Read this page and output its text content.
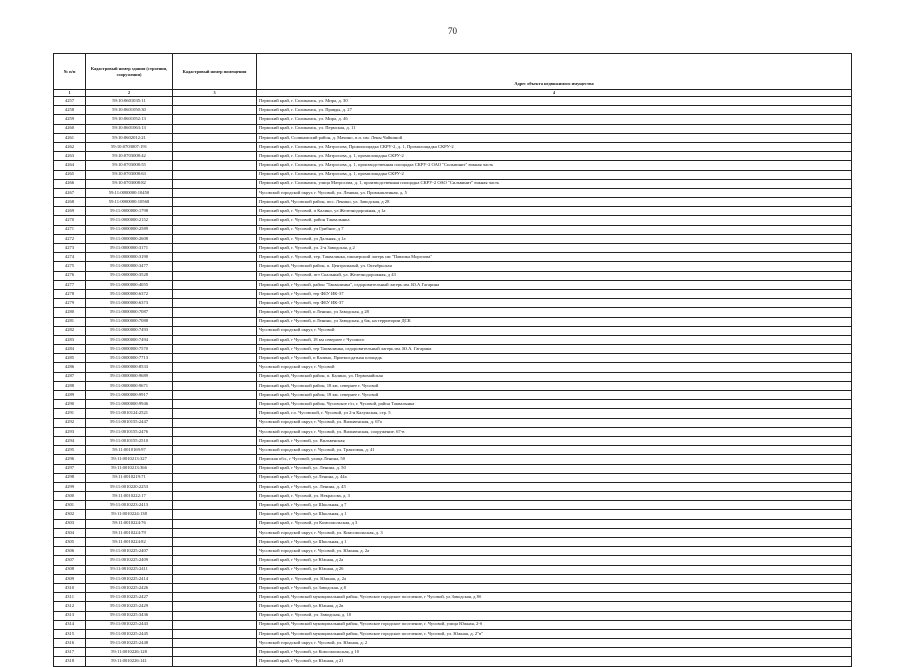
70
№ п/п	Кадастровый номер здания (строения, сооружения)	Кадастровый номер помещения	Адрес объекта недвижимого имущества
1	2	3	4
4257	59:10:0601035:11		Пермский край, г. Соликамск, ул. Мира, д. 30
4258	59:10:0601050:30		Пермский край, г. Соликамск, ул. Правды, д. 27
4259	59:10:0601052:13		Пермский край, г. Соликамск, ул. Мира, д. 46
4260	59:10:0601063:13		Пермский край, г. Соликамск, ул. Пермская, д. 11
4261	59:10:0602012:21		Пермский край, Соликамский район, д. Мачино, п.п. им. Лены Чайкиной
4262	59:10:0703007:191		Пермский край, г. Соликамск, ул. Матросова, Промплощадка СКРУ-2, д. 1, Промплощадка СКРУ-2
4263	59:10:0703008:42		Пермский край, г. Соликамск, ул. Матросова, д. 1, промплощадка СКРУ-2
4264	59:10:0703008:55		Пермский край, г. Соликамск, ул. Матросова, д. 1, производственная площадка СКРУ-2 ОАО "Сильвинит" южная часть
4265	59:10:0703008:63		Пермский край, г. Соликамск, ул. Матросова, д. 1, промплощадка СКРУ-2
4266	59:10:0703008:82		Пермский край, г. Соликамск, улица Матросова, д. 1, производственная площадка СКРУ-2 ОАО "Сильвинит" южная часть
4267	59:11:0000000:10450		Чусовской городской округ, г. Чусовой, ул. Ленина, ул. Промышленная, д. 5
4268	59:11:0000000:10568		Пермский край, Чусовской район, пос. Ленино, ул. Заводская, д 28
4269	59:11:0000000:1798		Пермский край, г. Чусовой, п Калино, ул Железнодорожная, д 1а
4270	59:11:0000000:2152		Пермский край, г. Чусовой, район Таквалынка
4271	59:11:0000000:2589		Пермский край, г. Чусовой, ул Грибное, д 7
4272	59:11:0000000:2608		Пермский край, г. Чусовой, ул Дальняя, д 1а
4273	59:11:0000000:3171		Пермский край, г. Чусовой, ул. 2-я Заводская, д 2
4274	59:11:0000000:3190		Пермский край, г. Чусовой, тер. Таквалинка, пионерский лагерь им "Павлика Морозова"
4275	59:11:0000000:3477		Пермский край, Чусовской район, п. Центральный, ул. Октябрьская
4276	59:11:0000000:3528		Пермский край, г. Чусовой, пгт Скальный, ул. Железнодорожная, д 43
4277	59:11:0000000:4055		Пермский край, г Чусовой, район "Таквалинка", оздоровительный лагерь им. Ю.А Гагарина
4278	59:11:0000000:6372		Пермский край, г Чусовой, тер ФБУ ИК-37
4279	59:11:0000000:6373		Пермский край, г Чусовой, тер ФБУ ИК-37
4280	59:11:0000000:7087		Пермский край, г Чусовой, п Ленино, ул Заводская, д 28
4281	59:11:0000000:7088		Пермский край, г Чусовой, п Ленино, ул Заводская, д 6ж, на территории ДСК
4282	59:11:0000000:7493		Чусовской городской округ, г. Чусовой
4283	59:11:0000000:7494		Пермский край, г Чусовой, 18 км северпее г Чусового
4284	59:11:0000000:7570		Пермский край, г Чусовой, тер Таквалинка, оздоровительный лагерь им. Ю.А. Гагарина
4285	59:11:0000000:7713		Пермский край, г Чусовой, п Калино, Приемосдатная площадь
4286	59:11:0000000:8533		Чусовской городской округ, г. Чусовой
4287	59:11:0000000:9689		Пермский край, Чусовской район, п. Калино, ул. Первомайская
4288	59:11:0000000:9671		Пермский край, Чусовской район, 18 км. севернее г. Чусовой
4289	59:11:0000000:9917		Пермский край, Чусовской район, 18 км. севернее г. Чусовой
4290	59:11:0000000:9946		Пермский край, Чусовской район, Чусовское г/п, г. Чусовой, район Таквалынка
4291	59:11:0010124:2521		Пермский край, г.о. Чусовской, г. Чусовой, ул 2-я Калужская, стр. 5
4292	59:11:0010155:2447		Чусовской городской округ, г. Чусовой, ул. Вильвенская, д. 67а
4293	59:11:0010155:2476		Чусовской городской округ, г. Чусовой, ул. Вильвенская, сооружение. 67-в
4294	59:11:0010155:2510		Пермский край, г Чусовой, ул. Вильвенская
4295	59:11:0010169:97		Чусовской городской округ, г. Чусовой, ул. Трактовая, д. 41
4296	59:11:0010213:327		Пермская обл., г Чусовой, улица Ленина, 50
4297	59:11:0010213:366		Пермский край, г Чусовой, ул. Ленина, д. 50
4298	59:11:0010219:71		Пермский край, г Чусовой, ул Ленина, д. 44а
4299	59:11:0010220:2253		Пермский край, г Чусовой, ул. Ленина, д. 45
4300	59:11:0010222:17		Пермский край, г. Чусовой, ул. Некрасова, д. 3
4301	59:11:0010223:2413		Пермский край, г Чусовой, ул Школьная, д 7
4302	59:11:0010224:138		Пермский край, г Чусовой, ул Школьная, д 1
4303	59:11:0010224:76		Пермский край, г. Чусовой, ул Комсомольская, д 3
4304	59:11:0010224:79		Чусовской городской округ, г. Чусовой, ул. Комсомольская, д. 3
4305	59:11:0010224:82		Пермский край, г Чусовой, ул Школьная, д 1
4306	59:11:0010225:2407		Чусовской городской округ, г. Чусовой, ул. Южная, д. 2а
4307	59:11:0010225:2409		Пермский край, г Чусовой, ул Южная, д 2а
4308	59:11:0010225:2411		Пермский край, г Чусовой, ул Южная, д 26
4309	59:11:0010225:2414		Пермский край, г. Чусовой, ул. Южная, д. 2а
4310	59:11:0010225:2426		Пермский край, г Чусовой, ул Заводская, д 8
4311	59:11:0010225:2427		Пермский край, Чусовской муниципальный район, Чусовское городское поселение, г Чусовой, ул Заводская, д 8б
4312	59:11:0010225:2429		Пермский край, г Чусовой, ул Южная, д 2в
4313	59:11:0010225:3436		Пермский край, г. Чусовой, ул. Заводская, д. 10
4314	59:11:0010225:2443		Пермский край, Чусовской муниципальный район, Чусовское городское поселение, г. Чусовой, улица Южная, 2-б
4315	59:11:0010225:2445		Пермский край, Чусовской муниципальный район, Чусовское городское поселение, г. Чусовой, ул. Южная, д. 2"в"
4316	59:11:0010225:2448		Чусовской городской округ, г. Чусовой, ул. Южная, д. 2
4317	59:11:0010226:128		Пермский край, г Чусовой, ул Комсомольская, д 10
4318	59:11:0010226:141		Пермский край, г Чусовой, ул Южная, д 21
